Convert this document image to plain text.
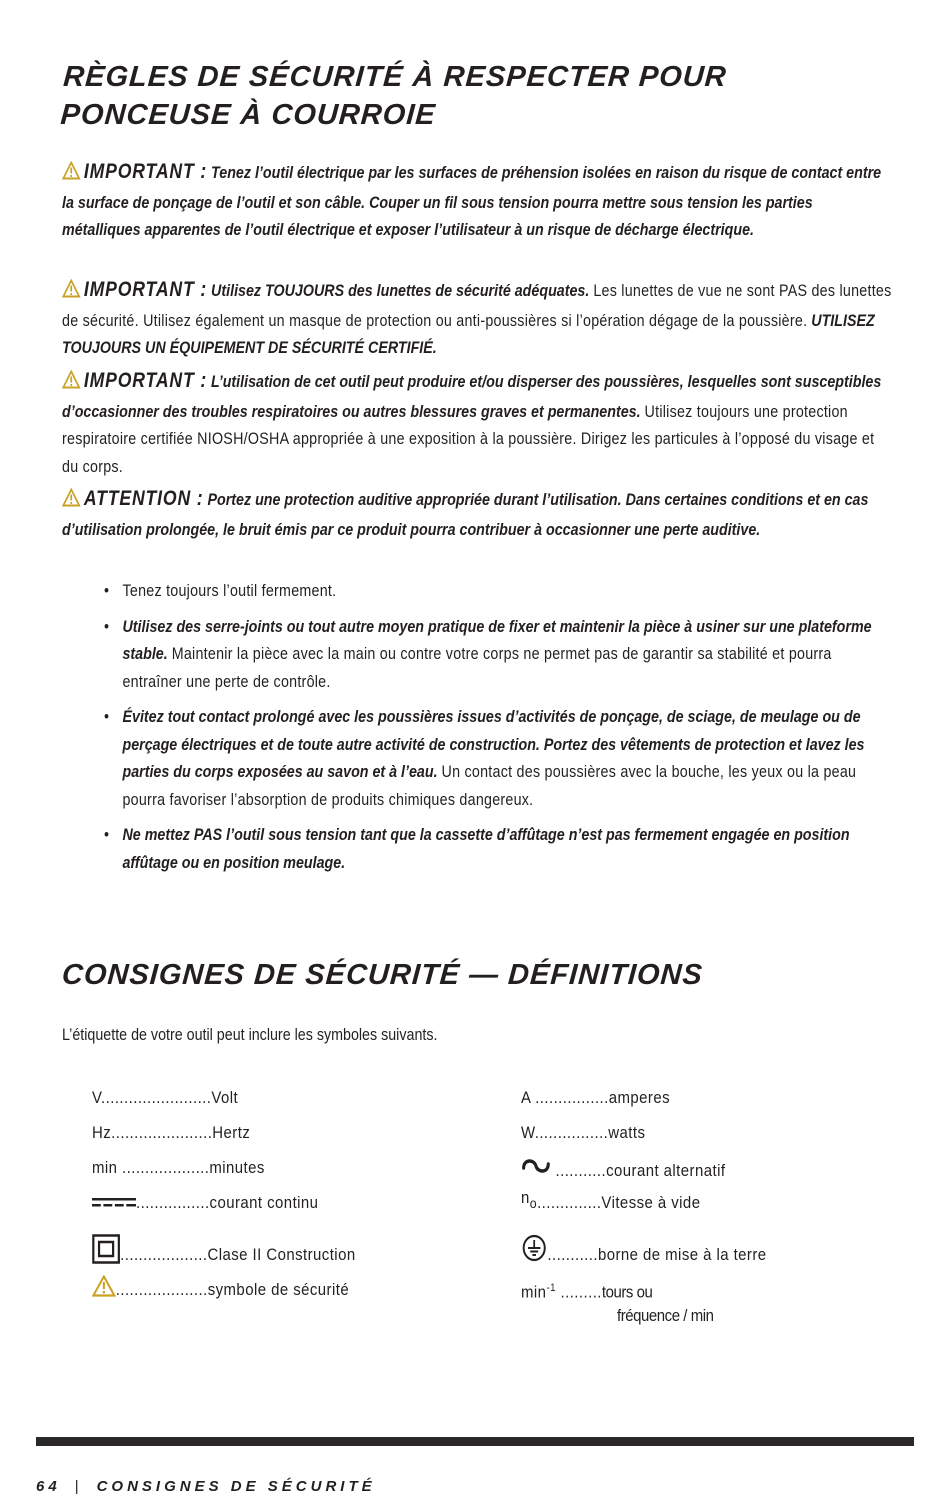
RÈGLES DE SÉCURITÉ À RESPECTER POUR PONCEUSE À COURROIE
IMPORTANT : Tenez l’outil électrique par les surfaces de préhension isolées en raison du risque de contact entre la surface de ponçage de l’outil et son câble. Couper un fil sous tension pourra mettre sous tension les parties métalliques apparentes de l’outil électrique et exposer l’utilisateur à un risque de décharge électrique.
IMPORTANT : Utilisez TOUJOURS des lunettes de sécurité adéquates. Les lunettes de vue ne sont PAS des lunettes de sécurité. Utilisez également un masque de protection ou anti-poussières si l’opération dégage de la poussière. UTILISEZ TOUJOURS UN ÉQUIPEMENT DE SÉCURITÉ CERTIFIÉ.
IMPORTANT : L’utilisation de cet outil peut produire et/ou disperser des poussières, lesquelles sont susceptibles d’occasionner des troubles respiratoires ou autres blessures graves et permanentes. Utilisez toujours une protection respiratoire certifiée NIOSH/OSHA appropriée à une exposition à la poussière. Dirigez les particules à l’opposé du visage et du corps.
ATTENTION : Portez une protection auditive appropriée durant l’utilisation. Dans certaines conditions et en cas d’utilisation prolongée, le bruit émis par ce produit pourra contribuer à occasionner une perte auditive.
• Tenez toujours l’outil fermement.
• Utilisez des serre-joints ou tout autre moyen pratique de fixer et maintenir la pièce à usiner sur une plateforme stable. Maintenir la pièce avec la main ou contre votre corps ne permet pas de garantir sa stabilité et pourra entraîner une perte de contrôle.
• Évitez tout contact prolongé avec les poussières issues d’activités de ponçage, de sciage, de meulage ou de perçage électriques et de toute autre activité de construction. Portez des vêtements de protection et lavez les parties du corps exposées au savon et à l’eau. Un contact des poussières avec la bouche, les yeux ou la peau pourra favoriser l’absorption de produits chimiques dangereux.
• Ne mettez PAS l’outil sous tension tant que la cassette d’affûtage n’est pas fermement engagée en position affûtage ou en position meulage.
CONSIGNES DE SÉCURITÉ — DÉFINITIONS
L’étiquette de votre outil peut inclure les symboles suivants.
V........................Volt
Hz......................Hertz
min ...................minutes
................courant continu
...................Clase II Construction
....................symbole de sécurité
A ................amperes
W................watts
...........courant alternatif
no..............Vitesse à vide
...........borne de mise à la terre
$\min^{-1}$ .........tours ou
fréquence / min
64 | CONSIGNES DE SÉCURITÉ
